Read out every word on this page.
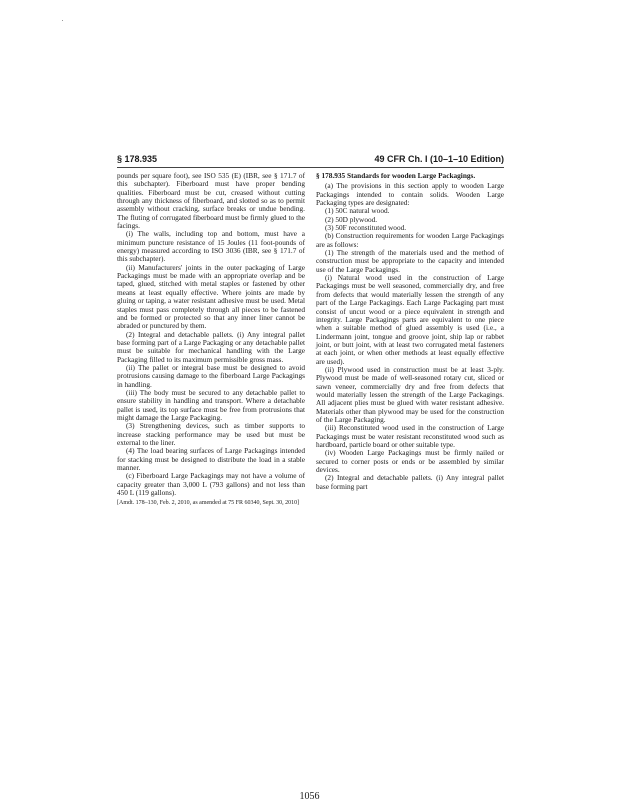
§ 178.935	49 CFR Ch. I (10–1–10 Edition)

pounds per square foot), see ISO 535 (E) (IBR, see § 171.7 of this subchapter). Fiberboard must have proper bending qualities. Fiberboard must be cut, creased without cutting through any thickness of fiberboard, and slotted so as to permit assembly without cracking, surface breaks or undue bending. The fluting of corrugated fiberboard must be firmly glued to the facings.

(i) The walls, including top and bottom, must have a minimum puncture resistance of 15 Joules (11 foot-pounds of energy) measured according to ISO 3036 (IBR, see § 171.7 of this subchapter).

(ii) Manufacturers' joints in the outer packaging of Large Packagings must be made with an appropriate overlap and be taped, glued, stitched with metal staples or fastened by other means at least equally effective. Where joints are made by gluing or taping, a water resistant adhesive must be used. Metal staples must pass completely through all pieces to be fastened and be formed or protected so that any inner liner cannot be abraded or punctured by them.

(2) Integral and detachable pallets. (i) Any integral pallet base forming part of a Large Packaging or any detachable pallet must be suitable for mechanical handling with the Large Packaging filled to its maximum permissible gross mass.

(ii) The pallet or integral base must be designed to avoid protrusions causing damage to the fiberboard Large Packagings in handling.

(iii) The body must be secured to any detachable pallet to ensure stability in handling and transport. Where a detachable pallet is used, its top surface must be free from protrusions that might damage the Large Packaging.

(3) Strengthening devices, such as timber supports to increase stacking performance may be used but must be external to the liner.

(4) The load bearing surfaces of Large Packagings intended for stacking must be designed to distribute the load in a stable manner.

(c) Fiberboard Large Packagings may not have a volume of capacity greater than 3,000 L (793 gallons) and not less than 450 L (119 gallons).

[Amdt. 178–130, Feb. 2, 2010, as amended at 75 FR 60340, Sept. 30, 2010]

§ 178.935 Standards for wooden Large Packagings.

(a) The provisions in this section apply to wooden Large Packagings intended to contain solids. Wooden Large Packaging types are designated:

(1) 50C natural wood.

(2) 50D plywood.

(3) 50F reconstituted wood.

(b) Construction requirements for wooden Large Packagings are as follows:

(1) The strength of the materials used and the method of construction must be appropriate to the capacity and intended use of the Large Packagings.

(i) Natural wood used in the construction of Large Packagings must be well seasoned, commercially dry, and free from defects that would materially lessen the strength of any part of the Large Packagings. Each Large Packaging part must consist of uncut wood or a piece equivalent in strength and integrity. Large Packagings parts are equivalent to one piece when a suitable method of glued assembly is used (i.e., a Lindermann joint, tongue and groove joint, ship lap or rabbet joint, or butt joint, with at least two corrugated metal fasteners at each joint, or when other methods at least equally effective are used).

(ii) Plywood used in construction must be at least 3-ply. Plywood must be made of well-seasoned rotary cut, sliced or sawn veneer, commercially dry and free from defects that would materially lessen the strength of the Large Packagings. All adjacent plies must be glued with water resistant adhesive. Materials other than plywood may be used for the construction of the Large Packaging.

(iii) Reconstituted wood used in the construction of Large Packagings must be water resistant reconstituted wood such as hardboard, particle board or other suitable type.

(iv) Wooden Large Packagings must be firmly nailed or secured to corner posts or ends or be assembled by similar devices.

(2) Integral and detachable pallets. (i) Any integral pallet base forming part

1056
